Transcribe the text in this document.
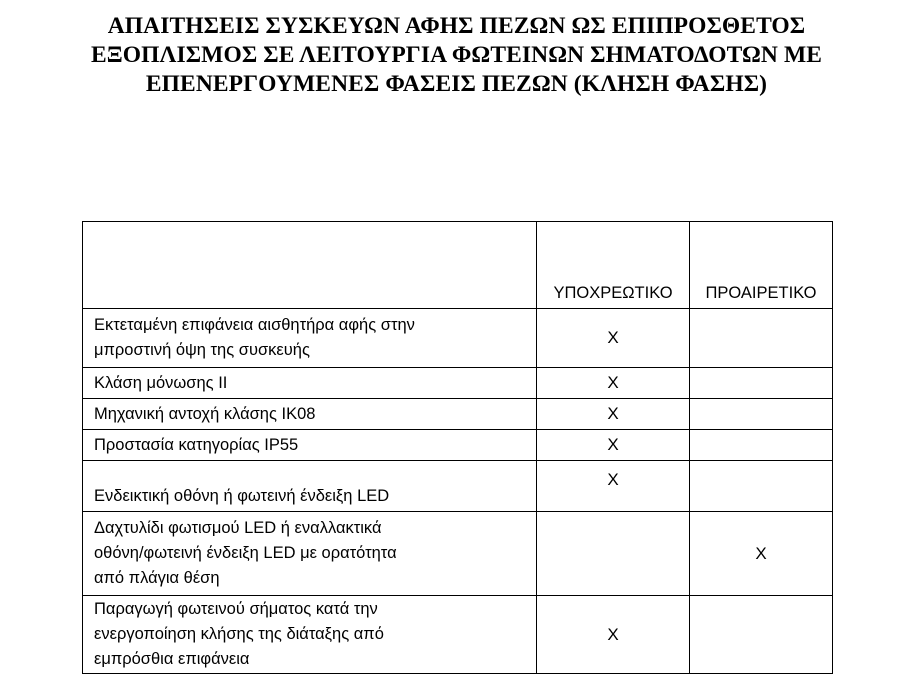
ΑΠΑΙΤΗΣΕΙΣ ΣΥΣΚΕΥΩΝ ΑΦΗΣ ΠΕΖΩΝ ΩΣ ΕΠΙΠΡΟΣΘΕΤΟΣ
ΕΞΟΠΛΙΣΜΟΣ ΣΕ ΛΕΙΤΟΥΡΓΙΑ ΦΩΤΕΙΝΩΝ ΣΗΜΑΤΟΔΟΤΩΝ ΜΕ
ΕΠΕΝΕΡΓΟΥΜΕΝΕΣ ΦΑΣΕΙΣ ΠΕΖΩΝ (ΚΛΗΣΗ ΦΑΣΗΣ)
	ΥΠΟΧΡΕΩΤΙΚΟ	ΠΡΟΑΙΡΕΤΙΚΟ

Εκτεταμένη επιφάνεια αισθητήρα αφής στην
μπροστινή όψη της συσκευής	X	

Κλάση μόνωσης ΙΙ	X	

Μηχανική αντοχή κλάσης ΙΚ08	X	

Προστασία κατηγορίας ΙΡ55	X	

Ενδεικτική οθόνη ή φωτεινή ένδειξη LED	X	

Δαχτυλίδι φωτισμού LED ή εναλλακτικά
οθόνη/φωτεινή ένδειξη LED με ορατότητα
από πλάγια θέση		X

Παραγωγή φωτεινού σήματος κατά την
ενεργοποίηση κλήσης της διάταξης από
εμπρόσθια επιφάνεια	X	
